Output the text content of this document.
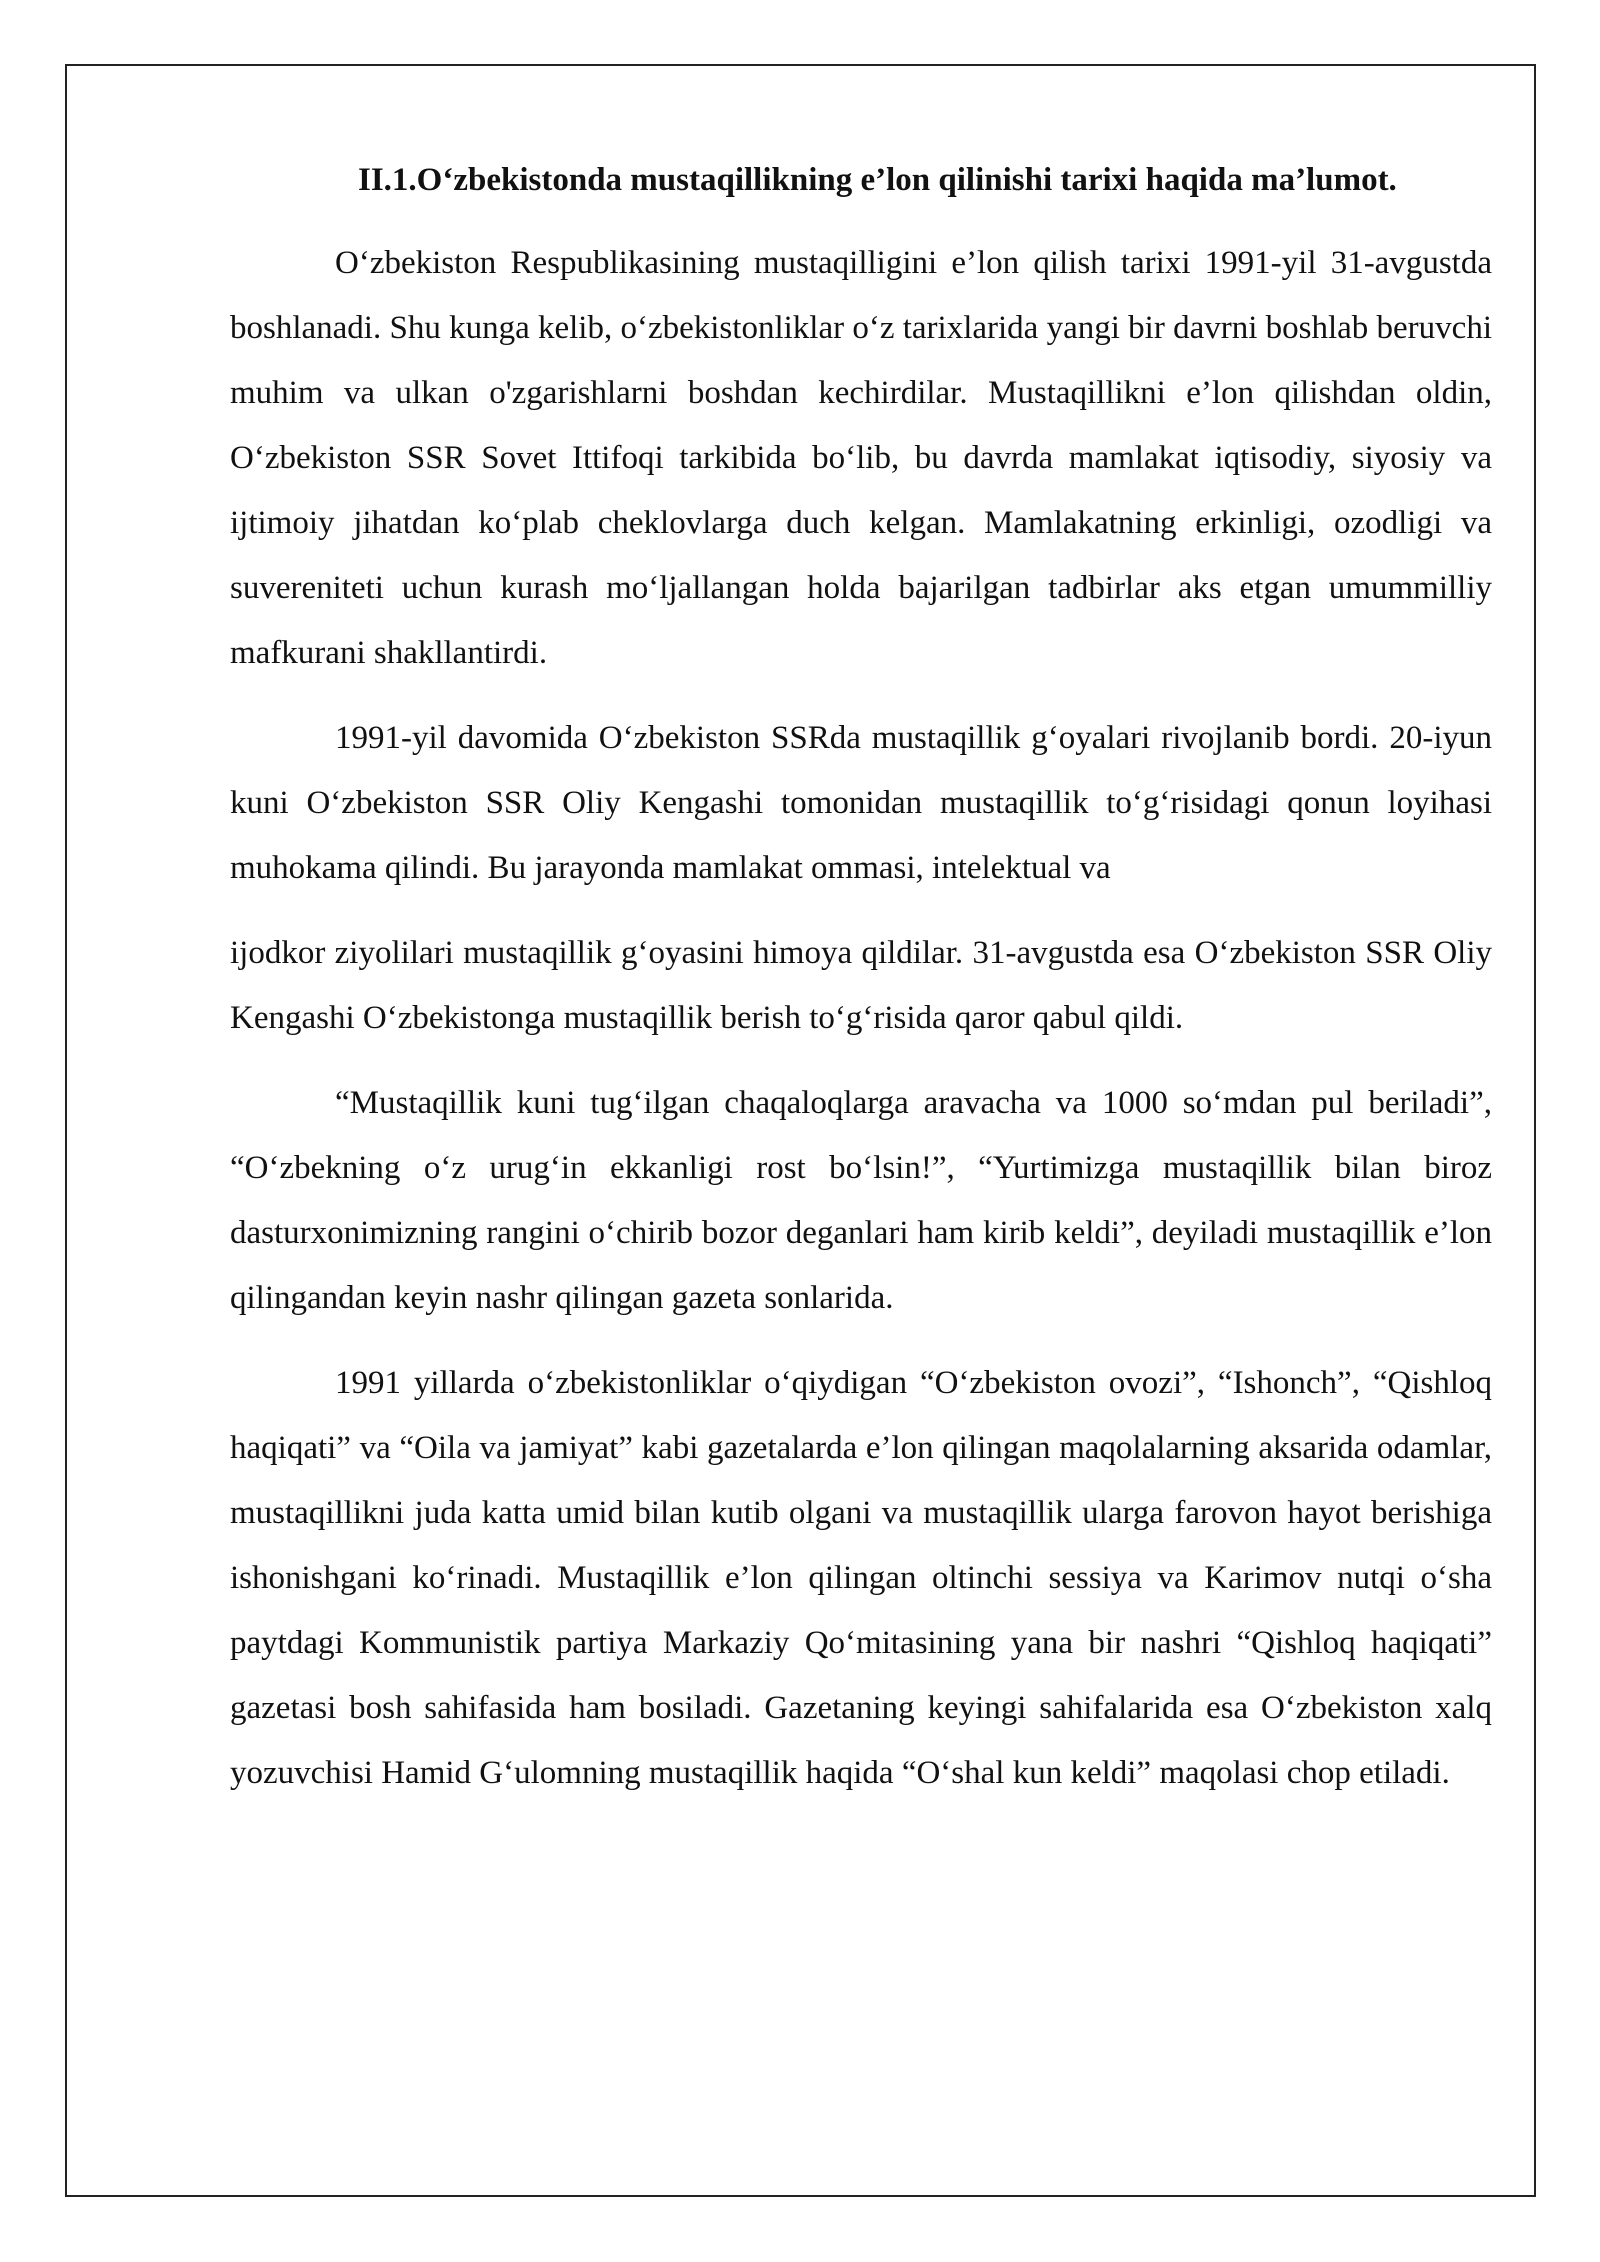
II.1.O‘zbekistonda mustaqillikning e’lon qilinishi tarixi haqida ma’lumot.

O‘zbekiston Respublikasining mustaqilligini e’lon qilish tarixi 1991-yil 31-avgustda boshlanadi. Shu kunga kelib, o‘zbekistonliklar o‘z tarixlarida yangi bir davrni boshlab beruvchi muhim va ulkan o'zgarishlarni boshdan kechirdilar. Mustaqillikni e’lon qilishdan oldin, O‘zbekiston SSR Sovet Ittifoqi tarkibida bo‘lib, bu davrda mamlakat iqtisodiy, siyosiy va ijtimoiy jihatdan ko‘plab cheklovlarga duch kelgan. Mamlakatning erkinligi, ozodligi va suvereniteti uchun kurash mo‘ljallangan holda bajarilgan tadbirlar aks etgan umummilliy mafkurani shakllantirdi.

1991-yil davomida O‘zbekiston SSRda mustaqillik g‘oyalari rivojlanib bordi. 20-iyun kuni O‘zbekiston SSR Oliy Kengashi tomonidan mustaqillik to‘g‘risidagi qonun loyihasi muhokama qilindi. Bu jarayonda mamlakat ommasi, intelektual va

ijodkor ziyolilari mustaqillik g‘oyasini himoya qildilar. 31-avgustda esa O‘zbekiston SSR Oliy Kengashi O‘zbekistonga mustaqillik berish to‘g‘risida qaror qabul qildi.

“Mustaqillik kuni tug‘ilgan chaqaloqlarga aravacha va 1000 so‘mdan pul beriladi”, “O‘zbekning o‘z urug‘in ekkanligi rost bo‘lsin!”, “Yurtimizga mustaqillik bilan biroz dasturxonimizning rangini o‘chirib bozor deganlari ham kirib keldi”, deyiladi mustaqillik e’lon qilingandan keyin nashr qilingan gazeta sonlarida.

1991 yillarda o‘zbekistonliklar o‘qiydigan “O‘zbekiston ovozi”, “Ishonch”, “Qishloq haqiqati” va “Oila va jamiyat” kabi gazetalarda e’lon qilingan maqolalarning aksarida odamlar, mustaqillikni juda katta umid bilan kutib olgani va mustaqillik ularga farovon hayot berishiga ishonishgani ko‘rinadi. Mustaqillik e’lon qilingan oltinchi sessiya va Karimov nutqi o‘sha paytdagi Kommunistik partiya Markaziy Qo‘mitasining yana bir nashri “Qishloq haqiqati” gazetasi bosh sahifasida ham bosiladi. Gazetaning keyingi sahifalarida esa O‘zbekiston xalq yozuvchisi Hamid G‘ulomning mustaqillik haqida “O‘shal kun keldi” maqolasi chop etiladi.
